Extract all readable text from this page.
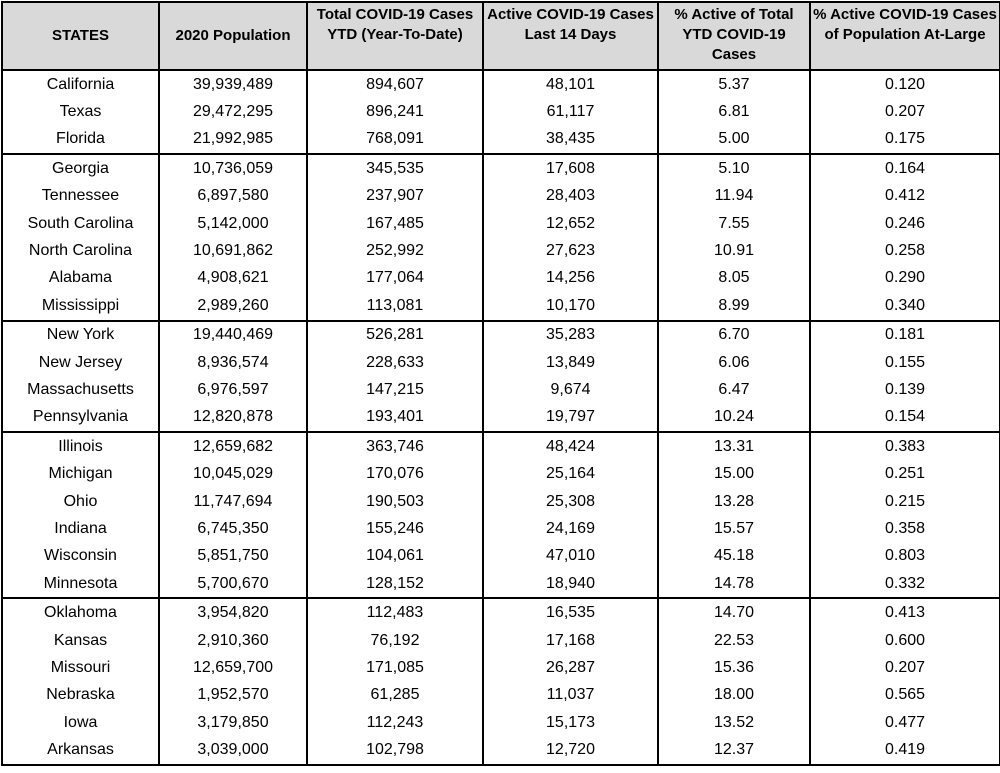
STATES	2020 Population	Total COVID-19 Cases YTD (Year-To-Date)	Active COVID-19 Cases Last 14 Days	% Active of Total YTD COVID-19 Cases	% Active COVID-19 Cases of Population At-Large
California	39,939,489	894,607	48,101	5.37	0.120
Texas	29,472,295	896,241	61,117	6.81	0.207
Florida	21,992,985	768,091	38,435	5.00	0.175
Georgia	10,736,059	345,535	17,608	5.10	0.164
Tennessee	6,897,580	237,907	28,403	11.94	0.412
South Carolina	5,142,000	167,485	12,652	7.55	0.246
North Carolina	10,691,862	252,992	27,623	10.91	0.258
Alabama	4,908,621	177,064	14,256	8.05	0.290
Mississippi	2,989,260	113,081	10,170	8.99	0.340
New York	19,440,469	526,281	35,283	6.70	0.181
New Jersey	8,936,574	228,633	13,849	6.06	0.155
Massachusetts	6,976,597	147,215	9,674	6.47	0.139
Pennsylvania	12,820,878	193,401	19,797	10.24	0.154
Illinois	12,659,682	363,746	48,424	13.31	0.383
Michigan	10,045,029	170,076	25,164	15.00	0.251
Ohio	11,747,694	190,503	25,308	13.28	0.215
Indiana	6,745,350	155,246	24,169	15.57	0.358
Wisconsin	5,851,750	104,061	47,010	45.18	0.803
Minnesota	5,700,670	128,152	18,940	14.78	0.332
Oklahoma	3,954,820	112,483	16,535	14.70	0.413
Kansas	2,910,360	76,192	17,168	22.53	0.600
Missouri	12,659,700	171,085	26,287	15.36	0.207
Nebraska	1,952,570	61,285	11,037	18.00	0.565
Iowa	3,179,850	112,243	15,173	13.52	0.477
Arkansas	3,039,000	102,798	12,720	12.37	0.419
